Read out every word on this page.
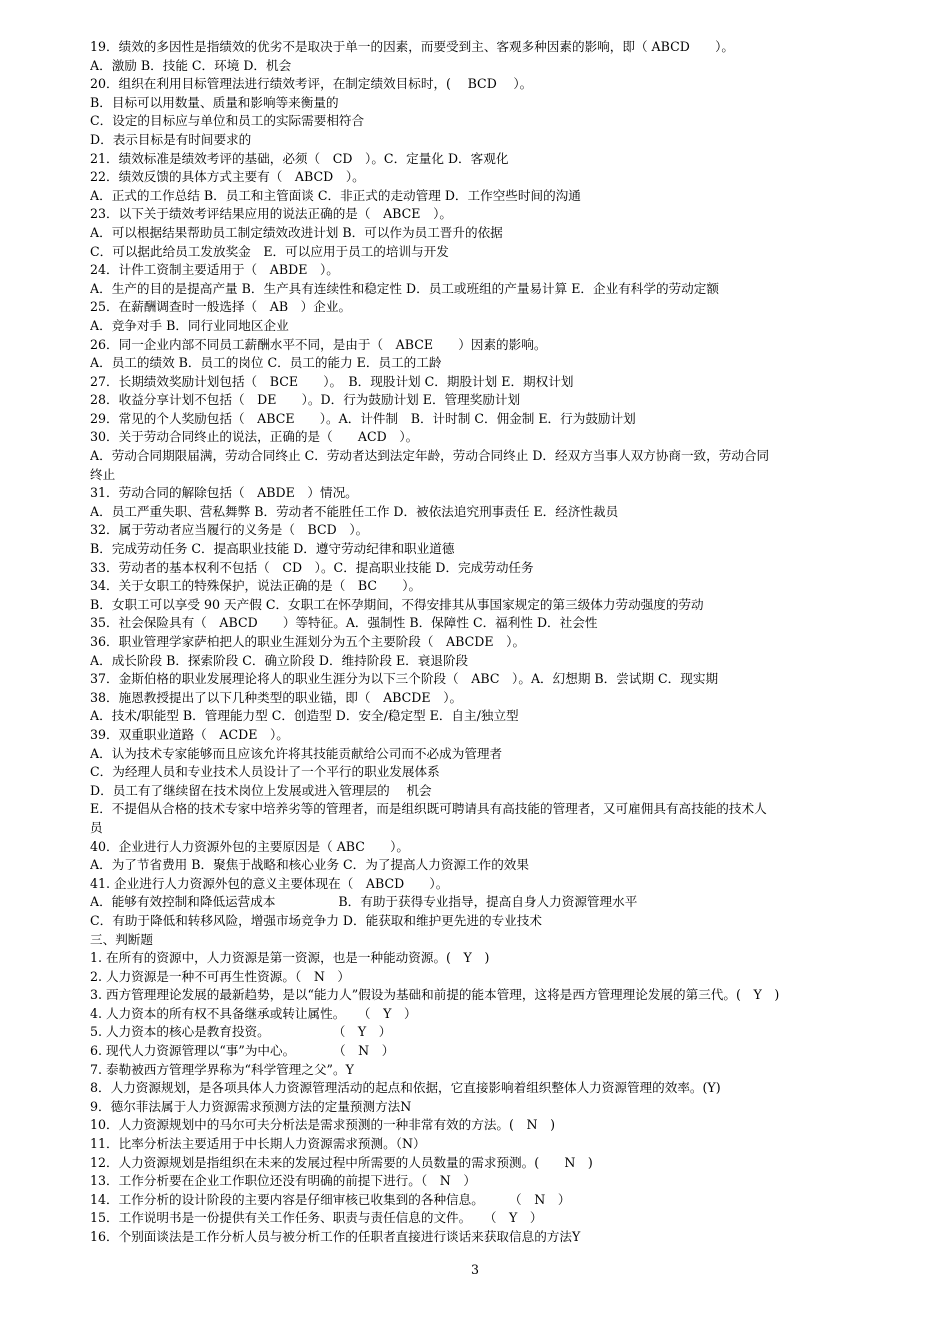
19．绩效的多因性是指绩效的优劣不是取决于单一的因素，而要受到主、客观多种因素的影响，即（ ABCD　　）。
A．激励 B．技能 C．环境 D．机会
20．组织在利用目标管理法进行绩效考评，在制定绩效目标时，(　 BCD　 ）。
B．目标可以用数量、质量和影响等来衡量的
C．设定的目标应与单位和员工的实际需要相符合
D．表示目标是有时间要求的
21．绩效标准是绩效考评的基础，必须（　CD　）。C．定量化 D．客观化
22．绩效反馈的具体方式主要有（　ABCD　）。
A．正式的工作总结 B．员工和主管面谈 C．非正式的走动管理 D．工作空些时间的沟通
23．以下关于绩效考评结果应用的说法正确的是（　ABCE　）。
A．可以根据结果帮助员工制定绩效改进计划 B．可以作为员工晋升的依据
C．可以据此给员工发放奖金　E．可以应用于员工的培训与开发
24．计件工资制主要适用于（　ABDE　）。
A．生产的目的是提高产量 B．生产具有连续性和稳定性 D．员工或班组的产量易计算 E．企业有科学的劳动定额
25．在薪酬调查时一般选择（　AB　）企业。
A．竞争对手 B．同行业同地区企业
26．同一企业内部不同员工薪酬水平不同，是由于（　ABCE　　）因素的影响。
A．员工的绩效 B．员工的岗位 C．员工的能力 E．员工的工龄
27．长期绩效奖励计划包括（　BCE　　）。　B．现股计划 C．期股计划 E．期权计划
28．收益分享计划不包括（　DE　　）。D．行为鼓励计划 E．管理奖励计划
29．常见的个人奖励包括（　ABCE　　）。A．计件制　B．计时制 C．佣金制 E．行为鼓励计划
30．关于劳动合同终止的说法，正确的是（　　ACD　）。
A．劳动合同期限届满，劳动合同终止 C．劳动者达到法定年龄，劳动合同终止 D．经双方当事人双方协商一致，劳动合同
终止
31．劳动合同的解除包括（　ABDE　）情况。
A．员工严重失职、营私舞弊 B．劳动者不能胜任工作 D．被依法追究刑事责任 E．经济性裁员
32．属于劳动者应当履行的义务是（　BCD　）。
B．完成劳动任务 C．提高职业技能 D．遵守劳动纪律和职业道德
33．劳动者的基本权利不包括（　CD　）。C．提高职业技能 D．完成劳动任务
34．关于女职工的特殊保护，说法正确的是（　BC　　）。
B．女职工可以享受 90 天产假 C．女职工在怀孕期间，不得安排其从事国家规定的第三级体力劳动强度的劳动
35．社会保险具有（　ABCD　　）等特征。A．强制性 B．保障性 C．福利性 D．社会性
36．职业管理学家萨柏把人的职业生涯划分为五个主要阶段（　ABCDE　）。
A．成长阶段 B．探索阶段 C．确立阶段 D．维持阶段 E．衰退阶段
37．金斯伯格的职业发展理论将人的职业生涯分为以下三个阶段（　ABC　）。A．幻想期 B．尝试期 C．现实期
38．施恩教授提出了以下几种类型的职业锚，即（　ABCDE　）。
A．技术/职能型 B．管理能力型 C．创造型 D．安全/稳定型 E．自主/独立型
39．双重职业道路（　ACDE　）。
A．认为技术专家能够而且应该允许将其技能贡献给公司而不必成为管理者
C．为经理人员和专业技术人员设计了一个平行的职业发展体系
D．员工有了继续留在技术岗位上发展或进入管理层的　 机会
E．不提倡从合格的技术专家中培养劣等的管理者，而是组织既可聘请具有高技能的管理者，又可雇佣具有高技能的技术人
员
40．企业进行人力资源外包的主要原因是（ ABC　　）。
A．为了节省费用 B．聚焦于战略和核心业务 C．为了提高人力资源工作的效果
41. 企业进行人力资源外包的意义主要体现在（　ABCD　　）。
A．能够有效控制和降低运营成本　　　　　B．有助于获得专业指导，提高自身人力资源管理水平
C．有助于降低和转移风险，增强市场竞争力 D．能获取和维护更先进的专业技术
三、判断题
1. 在所有的资源中，人力资源是第一资源，也是一种能动资源。(　Y　)
2. 人力资源是一种不可再生性资源。（　N　）
3. 西方管理理论发展的最新趋势，是以“能力人”假设为基础和前提的能本管理，这将是西方管理理论发展的第三代。(　Y　)
4. 人力资本的所有权不具备继承或转让属性。　　（　Y　）
5. 人力资本的核心是教育投资。　　　　　　（　Y　）
6. 现代人力资源管理以“事”为中心。　　　　（　N　）
7. 泰勒被西方管理学界称为“科学管理之父”。Y
8．人力资源规划，是各项具体人力资源管理活动的起点和依据，它直接影响着组织整体人力资源管理的效率。(Y)
9．德尔菲法属于人力资源需求预测方法的定量预测方法N
10．人力资源规划中的马尔可夫分析法是需求预测的一种非常有效的方法。(　N　)
11．比率分析法主要适用于中长期人力资源需求预测。（N）
12．人力资源规划是指组织在未来的发展过程中所需要的人员数量的需求预测。(　　N　)
13．工作分析要在企业工作职位还没有明确的前提下进行。（　N　）
14．工作分析的设计阶段的主要内容是仔细审核已收集到的各种信息。　　　（　N　）
15．工作说明书是一份提供有关工作任务、职责与责任信息的文件。　　（　Y　）
16．个别面谈法是工作分析人员与被分析工作的任职者直接进行谈话来获取信息的方法Y
3
